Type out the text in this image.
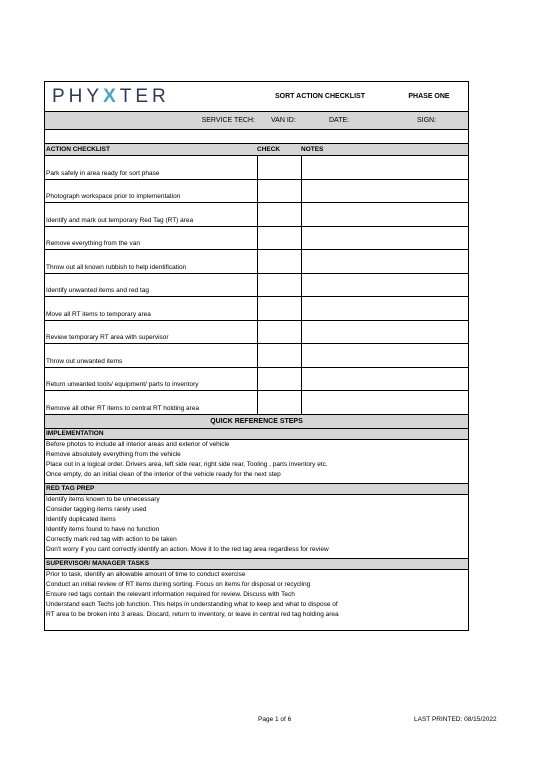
PHYXTER	SORT ACTION CHECKLIST	PHASE ONE
SERVICE TECH:	VAN ID:	DATE:	SIGN:
ACTION CHECKLIST	CHECK	NOTES
Park safely in area ready for sort phase
Photograph workspace prior to implementation
Identify and mark out temporary Red Tag (RT) area
Remove everything from the van
Throw out all known rubbish to help identification
Identify unwanted items and red tag
Move all RT items to temporary area
Review temporary RT area with supervisor
Throw out unwanted items
Return unwanted tools/ equipment/ parts to inventory
Remove all other RT items to central RT holding area
QUICK REFERENCE STEPS
IMPLEMENTATION
Before photos to include all interior areas and exterior of vehicle
Remove absolutely everything from the vehicle
Place out in a logical order. Drivers area, left side rear, right side rear, Tooling , parts inventory etc.
Once empty, do an initial clean of the interior of the vehicle ready for the next step
RED TAG PREP
Identify items known to be unnecessary
Consider tagging items rarely used
Identify duplicated items
Identify items found to have no function
Correctly mark red tag with action to be taken
Don't worry if you cant correctly identify an action. Move it to the red tag area regardless for review
SUPERVISOR/ MANAGER TASKS
Prior to task, identify an allowable amount of time to conduct exercise
Conduct an initial review of RT items during sorting. Focus on items for disposal or recycling
Ensure red tags contain the relevant information required for review. Discuss with Tech
Understand each Techs job function. This helps in understanding what to keep and what to dispose of
RT area to be broken into 3 areas. Discard, return to inventory, or leave in central red tag holding area
Page 1 of 6	LAST PRINTED: 08/15/2022
